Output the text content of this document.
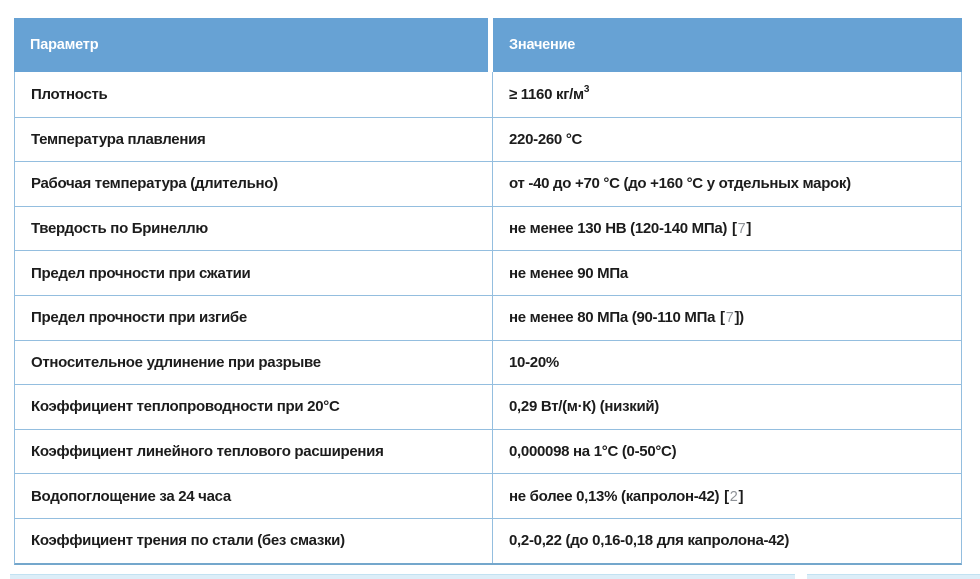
Параметр	Значение
Плотность	≥ 1160 $кг/м^3$
Температура плавления	220-260 °C
Рабочая температура (длительно)	от -40 до +70 °C (до +160 °C у отдельных марок)
Твердость по Бринеллю	не менее 130 НВ (120-140 МПа) [7]
Предел прочности при сжатии	не менее 90 МПа
Предел прочности при изгибе	не менее 80 МПа (90-110 МПа [7] )
Относительное удлинение при разрыве	10-20%
Коэффициент теплопроводности при 20°C	0,29 Вт/(м·К) (низкий)
Коэффициент линейного теплового расширения	0,000098 на 1°C (0-50°C)
Водопоглощение за 24 часа	не более 0,13% (капролон-42) [2]
Коэффициент трения по стали (без смазки)	0,2-0,22 (до 0,16-0,18 для капролона-42)
